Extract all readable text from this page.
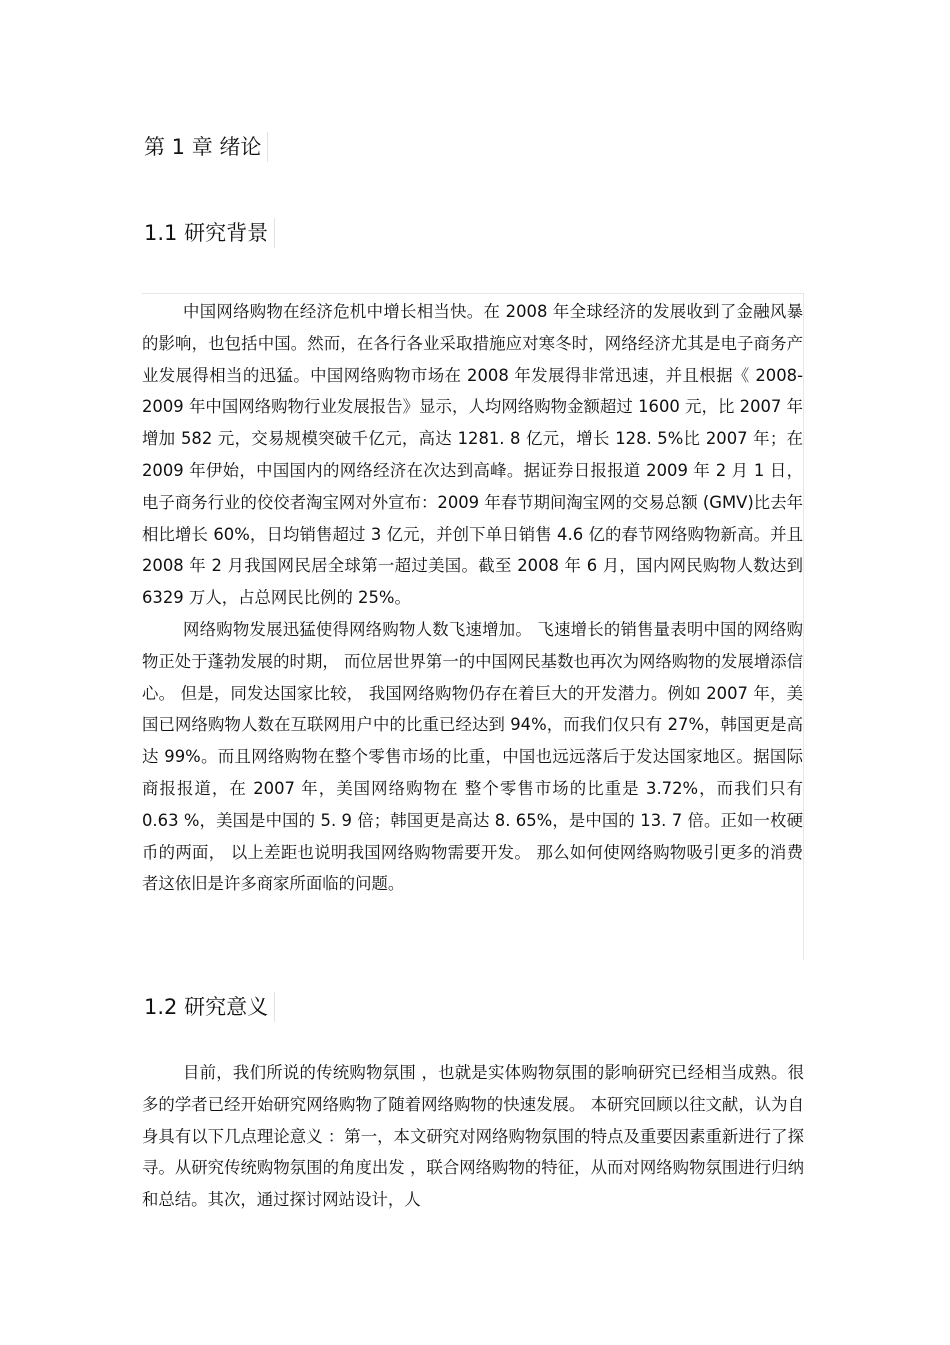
第 1 章 绪论
1.1 研究背景

中国网络购物在经济危机中增长相当快。在 2008 年全球经济的发展收到了金融风暴的影响，也包括中国。然而，在各行各业采取措施应对寒冬时，网络经济尤其是电子商务产业发展得相当的迅猛。中国网络购物市场在 2008 年发展得非常迅速，并且根据《 2008-2009 年中国网络购物行业发展报告》显示，人均网络购物金额超过 1600 元，比 2007 年增加 582 元，交易规模突破千亿元，高达 1281. 8 亿元，增长 128. 5%比 2007 年；在 2009 年伊始，中国国内的网络经济在次达到高峰。据证券日报报道 2009 年 2 月 1 日，电子商务行业的佼佼者淘宝网对外宣布：2009 年春节期间淘宝网的交易总额 (GMV)比去年相比增长 60%，日均销售超过 3 亿元，并创下单日销售 4.6 亿的春节网络购物新高。并且 2008 年 2 月我国网民居全球第一超过美国。截至 2008 年 6 月，国内网民购物人数达到 6329 万人，占总网民比例的 25%。

网络购物发展迅猛使得网络购物人数飞速增加。 飞速增长的销售量表明中国的网络购物正处于蓬勃发展的时期， 而位居世界第一的中国网民基数也再次为网络购物的发展增添信心。 但是，同发达国家比较， 我国网络购物仍存在着巨大的开发潜力。例如 2007 年，美国已网络购物人数在互联网用户中的比重已经达到 94%，而我们仅只有 27%，韩国更是高达 99%。而且网络购物在整个零售市场的比重，中国也远远落后于发达国家地区。据国际商报报道，在 2007 年，美国网络购物在 整个零售市场的比重是 3.72%，而我们只有 0.63 %，美国是中国的 5. 9 倍；韩国更是高达 8. 65%，是中国的 13. 7 倍。正如一枚硬币的两面， 以上差距也说明我国网络购物需要开发。 那么如何使网络购物吸引更多的消费者这依旧是许多商家所面临的问题。

1.2 研究意义

目前，我们所说的传统购物氛围 ，也就是实体购物氛围的影响研究已经相当成熟。很多的学者已经开始研究网络购物了随着网络购物的快速发展。 本研究回顾以往文献，认为自身具有以下几点理论意义 ：第一，本文研究对网络购物氛围的特点及重要因素重新进行了探寻。从研究传统购物氛围的角度出发 ，联合网络购物的特征，从而对网络购物氛围进行归纳和总结。其次，通过探讨网站设计，人
